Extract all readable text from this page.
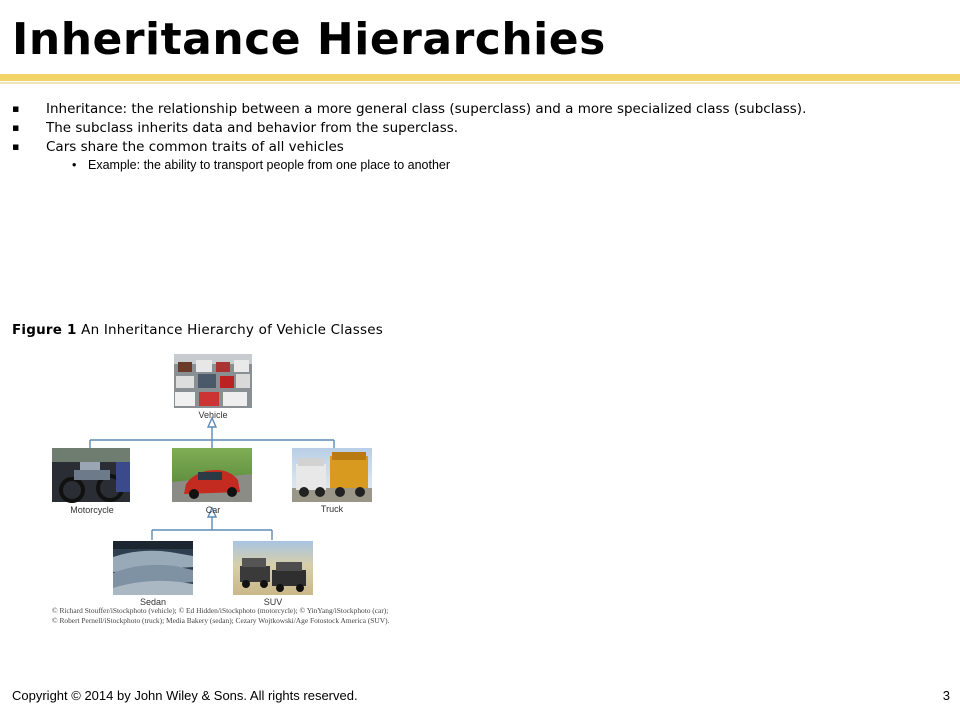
Inheritance Hierarchies
▪ Inheritance: the relationship between a more general class (superclass) and a more specialized class (subclass).
▪ The subclass inherits data and behavior from the superclass.
▪ Cars share the common traits of all vehicles
• Example: the ability to transport people from one place to another
Figure 1 An Inheritance Hierarchy of Vehicle Classes
Vehicle
Motorcycle	Car	Truck
Sedan	SUV
© Richard Stouffer/iStockphoto (vehicle); © Ed Hidden/iStockphoto (motorcycle); © YinYang/iStockphoto (car);
© Robert Pernell/iStockphoto (truck); Media Bakery (sedan); Cezary Wojtkowski/Age Fotostock America (SUV).
Copyright © 2014 by John Wiley & Sons. All rights reserved.	3
